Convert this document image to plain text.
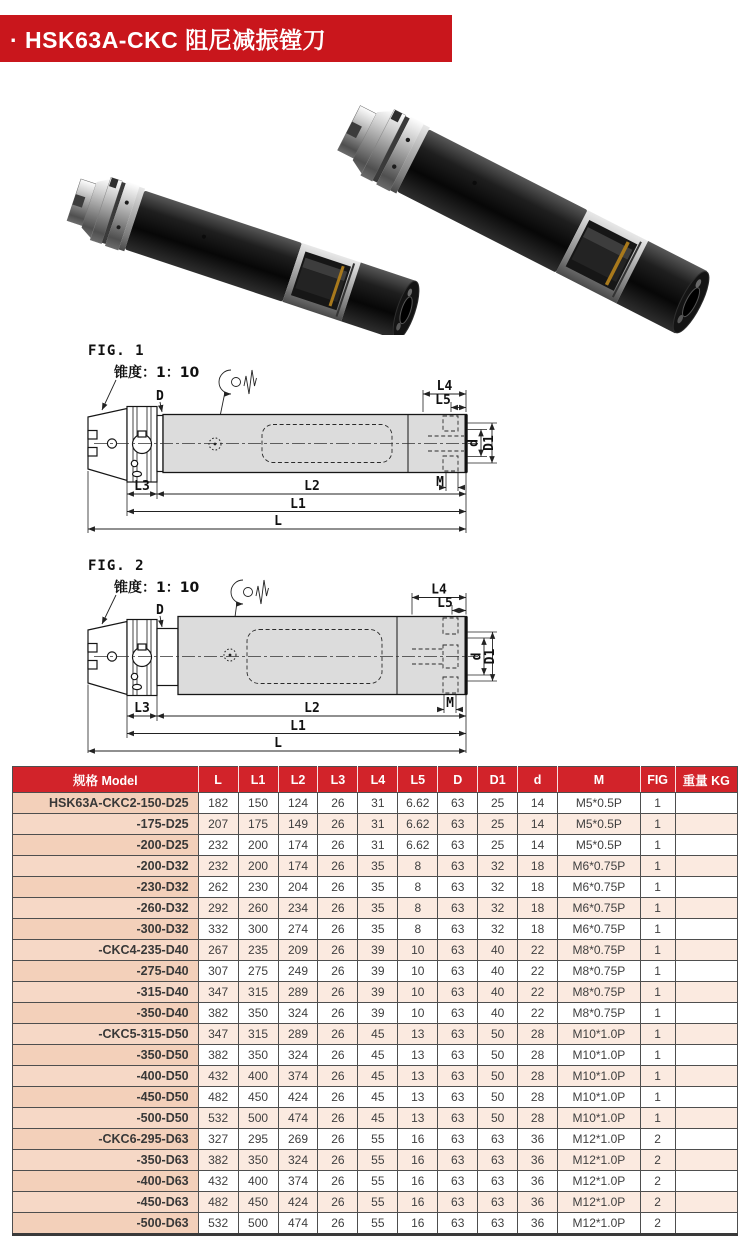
· HSK63A-CKC 阻尼减振镗刀
FIG. 1
锥度：1：10
D
L4
L5
d D1
M
L3	L2
L1
L
FIG. 2
锥度：1：10
D
L4
L5
d
D1
M
L3	L2
L1
L
规格 Model	L	L1	L2	L3	L4	L5	D	D1	d	M	FIG	重量 KG
HSK63A-CKC2-150-D25	182	150	124	26	31	6.62	63	25	14	M5*0.5P	1	
-175-D25	207	175	149	26	31	6.62	63	25	14	M5*0.5P	1	
-200-D25	232	200	174	26	31	6.62	63	25	14	M5*0.5P	1	
-200-D32	232	200	174	26	35	8	63	32	18	M6*0.75P	1	
-230-D32	262	230	204	26	35	8	63	32	18	M6*0.75P	1	
-260-D32	292	260	234	26	35	8	63	32	18	M6*0.75P	1	
-300-D32	332	300	274	26	35	8	63	32	18	M6*0.75P	1	
-CKC4-235-D40	267	235	209	26	39	10	63	40	22	M8*0.75P	1	
-275-D40	307	275	249	26	39	10	63	40	22	M8*0.75P	1	
-315-D40	347	315	289	26	39	10	63	40	22	M8*0.75P	1	
-350-D40	382	350	324	26	39	10	63	40	22	M8*0.75P	1	
-CKC5-315-D50	347	315	289	26	45	13	63	50	28	M10*1.0P	1	
-350-D50	382	350	324	26	45	13	63	50	28	M10*1.0P	1	
-400-D50	432	400	374	26	45	13	63	50	28	M10*1.0P	1	
-450-D50	482	450	424	26	45	13	63	50	28	M10*1.0P	1	
-500-D50	532	500	474	26	45	13	63	50	28	M10*1.0P	1	
-CKC6-295-D63	327	295	269	26	55	16	63	63	36	M12*1.0P	2	
-350-D63	382	350	324	26	55	16	63	63	36	M12*1.0P	2	
-400-D63	432	400	374	26	55	16	63	63	36	M12*1.0P	2	
-450-D63	482	450	424	26	55	16	63	63	36	M12*1.0P	2	
-500-D63	532	500	474	26	55	16	63	63	36	M12*1.0P	2	
